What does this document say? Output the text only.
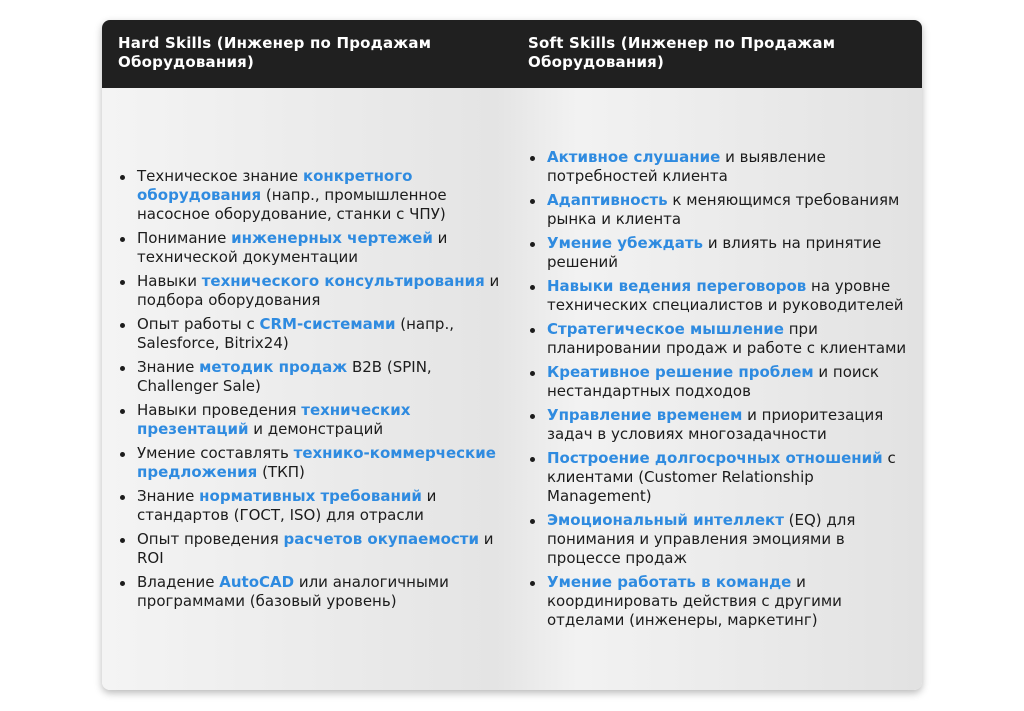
Hard Skills (Инженер по Продажам Оборудования)
Soft Skills (Инженер по Продажам Оборудования)
Техническое знание конкретного оборудования (напр., промышленное насосное оборудование, станки с ЧПУ)
Понимание инженерных чертежей и технической документации
Навыки технического консультирования и подбора оборудования
Опыт работы с CRM-системами (напр., Salesforce, Bitrix24)
Знание методик продаж B2B (SPIN, Challenger Sale)
Навыки проведения технических презентаций и демонстраций
Умение составлять технико-коммерческие предложения (ТКП)
Знание нормативных требований и стандартов (ГОСТ, ISO) для отрасли
Опыт проведения расчетов окупаемости и ROI
Владение AutoCAD или аналогичными программами (базовый уровень)
Активное слушание и выявление потребностей клиента
Адаптивность к меняющимся требованиям рынка и клиента
Умение убеждать и влиять на принятие решений
Навыки ведения переговоров на уровне технических специалистов и руководителей
Стратегическое мышление при планировании продаж и работе с клиентами
Креативное решение проблем и поиск нестандартных подходов
Управление временем и приоритезация задач в условиях многозадачности
Построение долгосрочных отношений с клиентами (Customer Relationship Management)
Эмоциональный интеллект (EQ) для понимания и управления эмоциями в процессе продаж
Умение работать в команде и координировать действия с другими отделами (инженеры, маркетинг)
